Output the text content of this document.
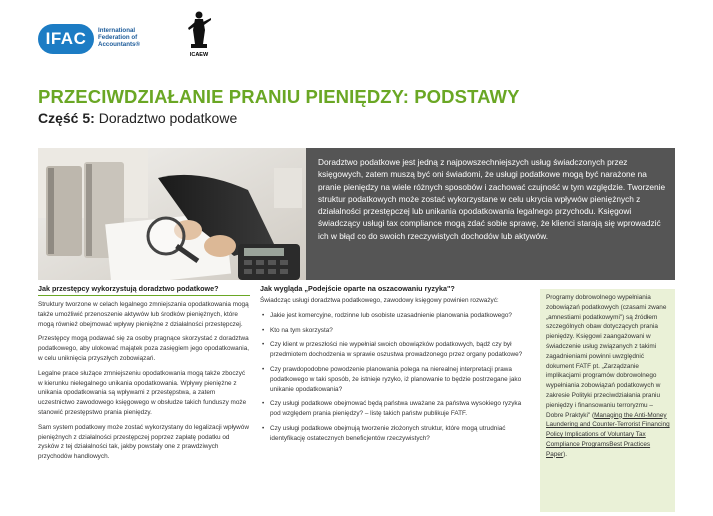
IFAC	International Federation of Accountants®
ICAEW
PRZECIWDZIAŁANIE PRANIU PIENIĘDZY: PODSTAWY
Część 5: Doradztwo podatkowe
Doradztwo podatkowe jest jedną z najpowszechniejszych usług świadczonych przez księgowych, zatem muszą być oni świadomi, że usługi podatkowe mogą być narażone na pranie pieniędzy na wiele różnych sposobów i zachować czujność w tym względzie. Tworzenie struktur podatkowych może zostać wykorzystane w celu ukrycia wpływów pieniężnych z działalności przestępczej lub unikania opodatkowania legalnego przychodu. Księgowi świadczący usługi tax compliance mogą zdać sobie sprawę, że klienci starają się wprowadzić ich w błąd co do swoich rzeczywistych dochodów lub aktywów.
Jak przestępcy wykorzystują doradztwo podatkowe?

Struktury tworzone w celach legalnego zmniejszania opodatkowania mogą także umożliwić przenoszenie aktywów lub środków pieniężnych, które mogą również obejmować wpływy pieniężne z działalności przestępczej.

Przestępcy mogą podawać się za osoby pragnące skorzystać z doradztwa podatkowego, aby ulokować majątek poza zasięgiem jego opodatkowania, w celu uniknięcia przyszłych zobowiązań.

Legalne prace służące zmniejszeniu opodatkowania mogą także zboczyć w kierunku nielegalnego unikania opodatkowania. Wpływy pieniężne z unikania opodatkowania są wpływami z przestępstwa, a zatem uczestnictwo zawodowego księgowego w obsłudze takich funduszy może stanowić przestępstwo prania pieniędzy.

Sam system podatkowy może zostać wykorzystany do legalizacji wpływów pieniężnych z działalności przestępczej poprzez zapłatę podatku od zysków z tej działalności tak, jakby powstały one z prawdziwych przychodów handlowych.

Jak wygląda „Podejście oparte na oszacowaniu ryzyka"?

Świadcząc usługi doradztwa podatkowego, zawodowy księgowy powinien rozważyć:

• Jakie jest komercyjne, rodzinne lub osobiste uzasadnienie planowania podatkowego?
• Kto na tym skorzysta?
• Czy klient w przeszłości nie wypełniał swoich obowiązków podatkowych, bądź czy był przedmiotem dochodzenia w sprawie oszustwa prowadzonego przez organy podatkowe?
• Czy prawdopodobne powodzenie planowania polega na nierealnej interpretacji prawa podatkowego w taki sposób, że istnieje ryzyko, iż planowanie to będzie postrzegane jako unikanie opodatkowania?
• Czy usługi podatkowe obejmować będą państwa uważane za państwa wysokiego ryzyka pod względem prania pieniędzy? – listę takich państw publikuje FATF.
• Czy usługi podatkowe obejmują tworzenie złożonych struktur, które mogą utrudniać identyfikację ostatecznych beneficjentów rzeczywistych?
Programy dobrowolnego wypełniania zobowiązań podatkowych (czasami zwane „amnestiami podatkowymi") są źródłem szczególnych obaw dotyczących prania pieniędzy. Księgowi zaangażowani w świadczenie usług związanych z takimi zagadnieniami powinni uwzględnić dokument FATF pt. „Zarządzanie implikacjami programów dobrowolnego wypełniania zobowiązań podatkowych w zakresie Polityki przeciwdziałania praniu pieniędzy i finansowaniu terroryzmu – Dobre Praktyki" (Managing the Anti-Money Laundering and Counter-Terrorist Financing Policy Implications of Voluntary Tax Compliance ProgramsBest Practices Paper).
